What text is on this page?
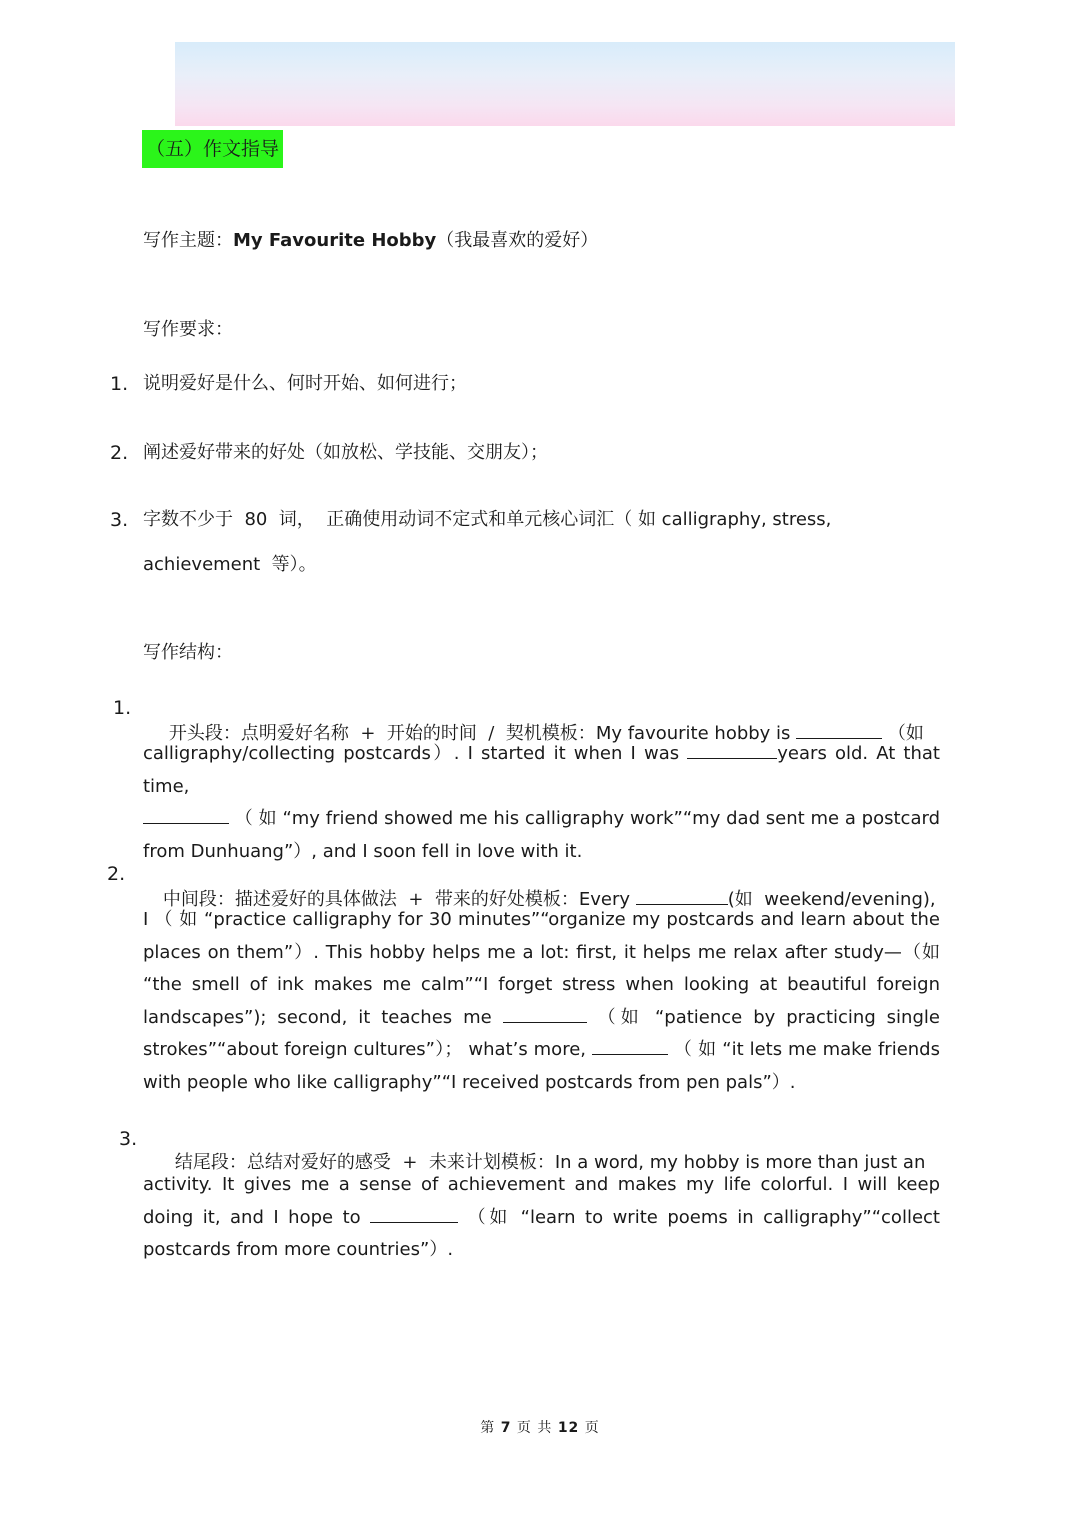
（五）作文指导
写作主题：My Favourite Hobby（我最喜欢的爱好）
写作要求：
1. 说明爱好是什么、何时开始、如何进行；
2. 阐述爱好带来的好处（如放松、学技能、交朋友）；
3. 字数不少于  80  词，  正确使用动词不定式和单元核心词汇（ 如 calligraphy, stress,
achievement  等）。
写作结构：
1.

开头段：点明爱好名称  +  开始的时间  /  契机模板：My favourite hobby is	（如

calligraphy/collecting postcards）. I started it when I was	years old. At that time,
（ 如 “my friend showed me his calligraphy work”“my dad sent me a postcard from Dunhuang”）, and I soon fell in love with it.
2.

中间段：描述爱好的具体做法  +  带来的好处模板：Every	(如  weekend/evening),

I （ 如 “practice calligraphy for 30 minutes”“organize my postcards and learn about the places on them”）. This hobby helps me a lot: first, it helps me relax after study—（如 “the smell of ink makes me calm”“I forget stress when looking at beautiful foreign landscapes”); second, it teaches me	（如 “patience by practicing single strokes”“about foreign cultures”）； what’s more,	（ 如 “it lets me make friends with people who like calligraphy”“I received postcards from pen pals”）.
3.

结尾段：总结对爱好的感受  +  未来计划模板：In a word, my hobby is more than just an

activity. It gives me a sense of achievement and makes my life colorful. I will keep doing it, and I hope to	（如 “learn to write poems in calligraphy”“collect postcards from more countries”）.
第 7 页 共 12 页
